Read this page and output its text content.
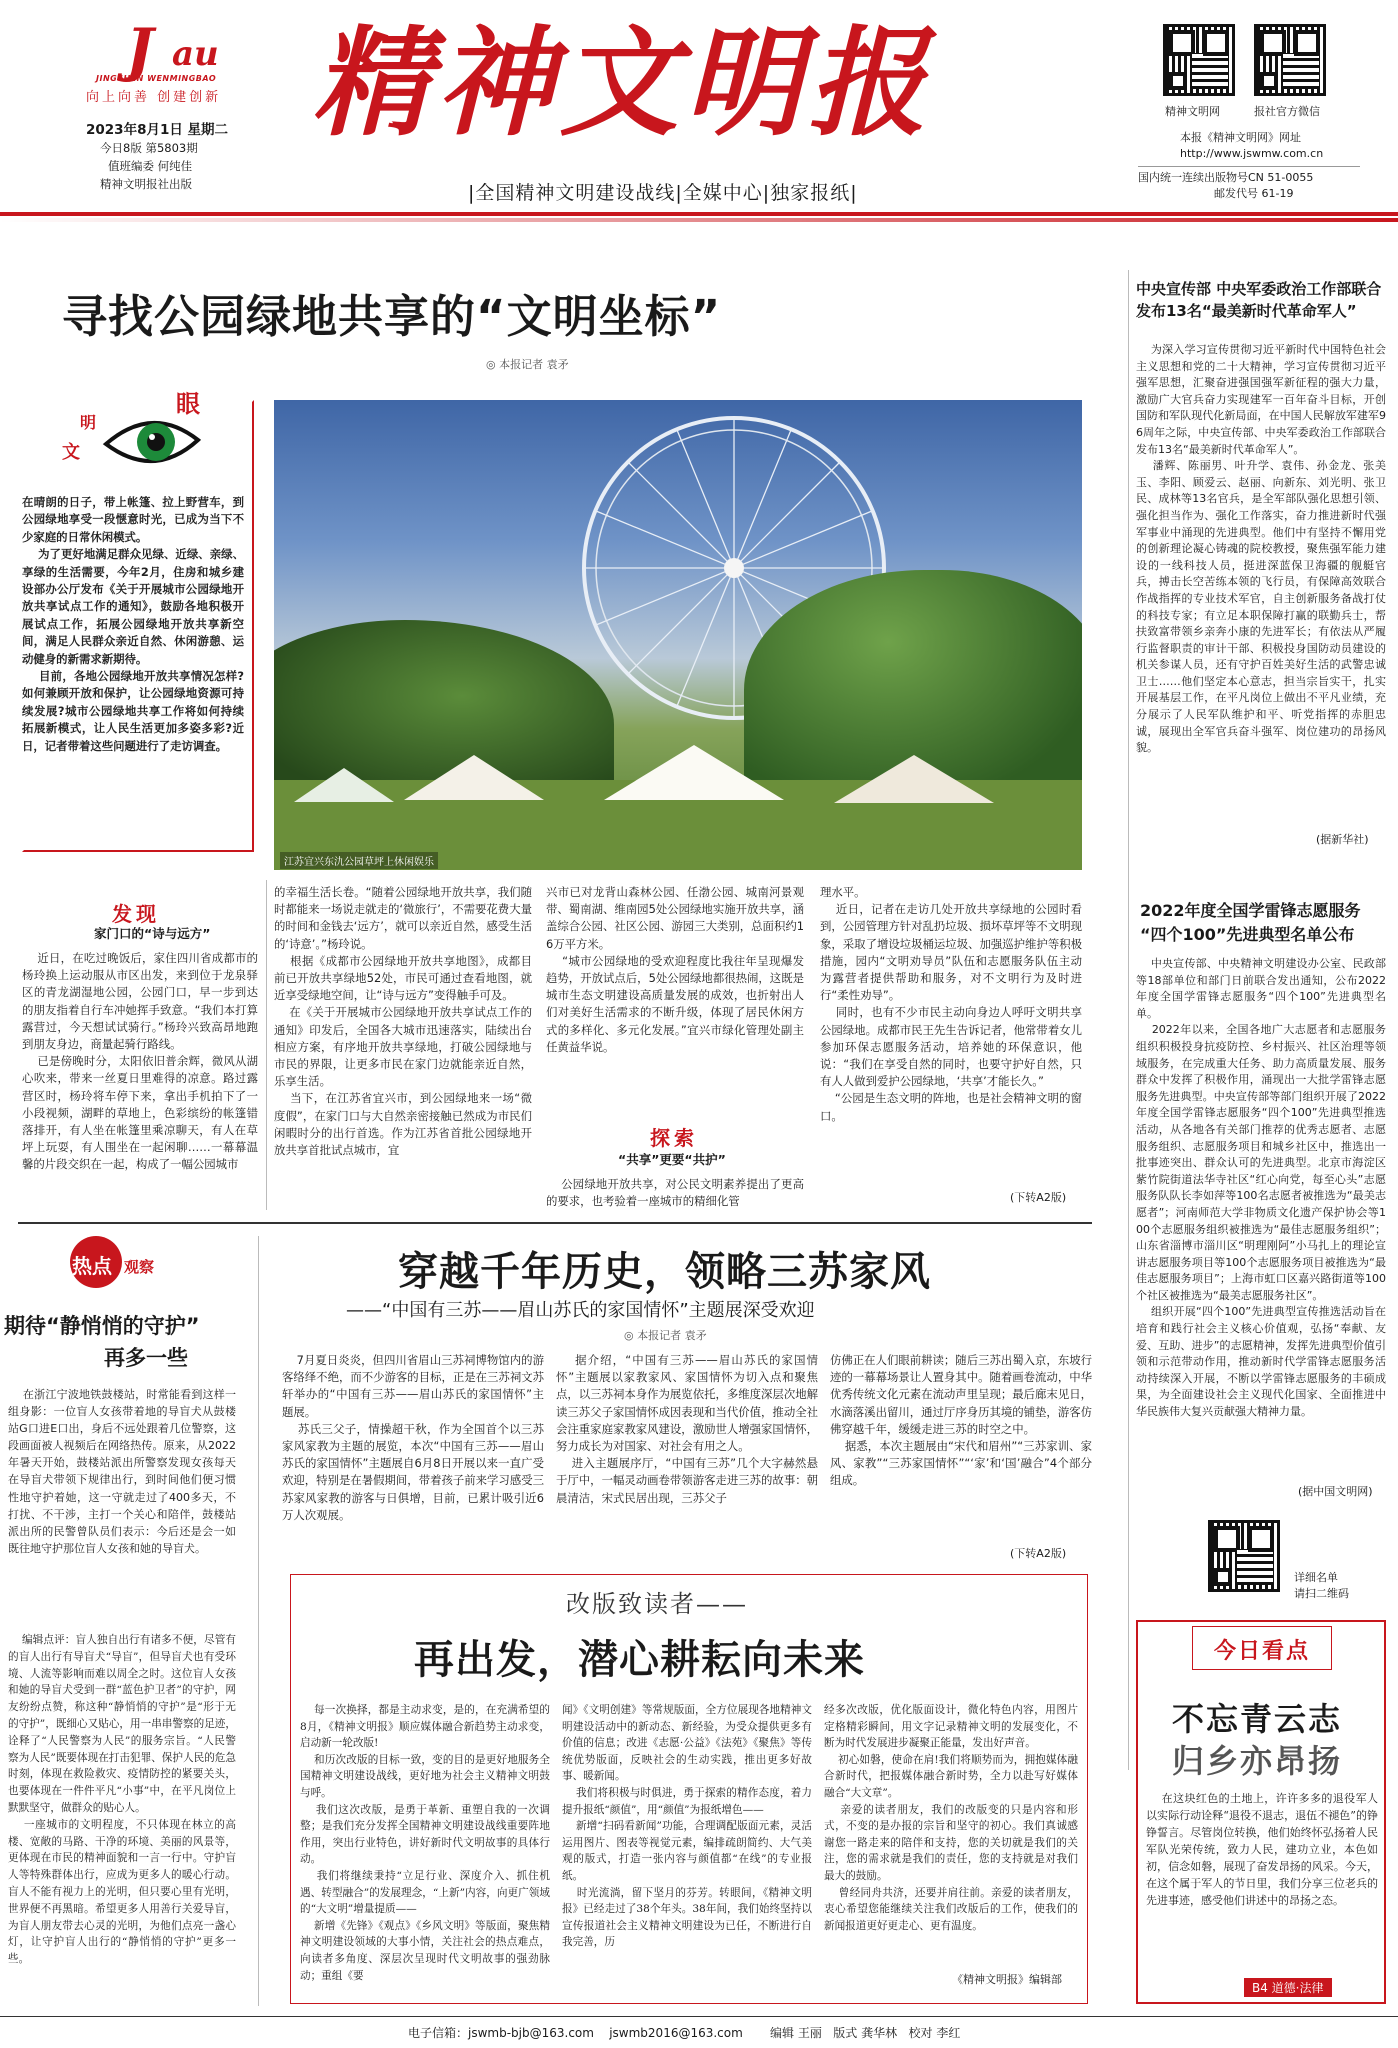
J au
JINGSHEN WENMINGBAO
向上向善 创建创新
2023年8月1日 星期二
今日8版 第5803期
值班编委 何纯佳
精神文明报社出版
精神文明报
|全国精神文明建设战线|全媒中心|独家报纸|
精神文明网	报社官方微信
本报《精神文明网》网址
http://www.jswmw.com.cn
国内统一连续出版物号CN 51-0055
邮发代号 61-19
寻找公园绿地共享的“文明坐标”
◎ 本报记者 袁矛
文
明
眼
在晴朗的日子，带上帐篷、拉上野营车，到公园绿地享受一段惬意时光，已成为当下不少家庭的日常休闲模式。
为了更好地满足群众见绿、近绿、亲绿、享绿的生活需要，今年2月，住房和城乡建设部办公厅发布《关于开展城市公园绿地开放共享试点工作的通知》，鼓励各地积极开展试点工作，拓展公园绿地开放共享新空间，满足人民群众亲近自然、休闲游憩、运动健身的新需求新期待。
目前，各地公园绿地开放共享情况怎样?如何兼顾开放和保护，让公园绿地资源可持续发展?城市公园绿地共享工作将如何持续拓展新模式，让人民生活更加多姿多彩?近日，记者带着这些问题进行了走访调查。
江苏宜兴东氿公园草坪上休闲娱乐
发现
家门口的“诗与远方”
近日，在吃过晚饭后，家住四川省成都市的杨玲换上运动服从市区出发，来到位于龙泉驿区的青龙湖湿地公园，公园门口，早一步到达的朋友指着自行车冲她挥手致意。“我们本打算露营过，今天想试试骑行。”杨玲兴致高昂地跑到朋友身边，商量起骑行路线。
已是傍晚时分，太阳依旧普余辉，微风从湖心吹来，带来一丝夏日里难得的凉意。路过露营区时，杨玲将车停下来，拿出手机拍下了一小段视频，湖畔的草地上，色彩缤纷的帐篷错落排开，有人坐在帐篷里乘凉聊天，有人在草坪上玩耍，有人围坐在一起闲聊……一幕幕温馨的片段交织在一起，构成了一幅公园城市
的幸福生活长卷。“随着公园绿地开放共享，我们随时都能来一场说走就走的‘微旅行’，不需要花费大量的时间和金钱去‘远方’，就可以亲近自然，感受生活的‘诗意’。”杨玲说。
根据《成都市公园绿地开放共享地图》，成都目前已开放共享绿地52处，市民可通过查看地图，就近享受绿地空间，让“诗与远方”变得触手可及。
在《关于开展城市公园绿地开放共享试点工作的通知》印发后，全国各大城市迅速落实，陆续出台相应方案，有序地开放共享绿地，打破公园绿地与市民的界限，让更多市民在家门边就能亲近自然，乐享生活。
当下，在江苏省宜兴市，到公园绿地来一场“微度假”，在家门口与大自然亲密接触已然成为市民们闲暇时分的出行首选。作为江苏省首批公园绿地开放共享首批试点城市，宜
兴市已对龙背山森林公园、任渤公园、城南河景观带、蜀南湖、维南园5处公园绿地实施开放共享，涵盖综合公园、社区公园、游园三大类别，总面积约16万平方米。
“城市公园绿地的受欢迎程度比我往年呈现爆发趋势，开放试点后，5处公园绿地都很热闹，这既是城市生态文明建设高质量发展的成效，也折射出人们对美好生活需求的不断升级，体现了居民休闲方式的多样化、多元化发展。”宜兴市绿化管理处副主任黄益华说。
探索
“共享”更要“共护”
公园绿地开放共享，对公民文明素养提出了更高的要求，也考验着一座城市的精细化管
理水平。
近日，记者在走访几处开放共享绿地的公园时看到，公园管理方针对乱扔垃圾、损坏草坪等不文明现象，采取了增设垃圾桶运垃圾、加强巡护维护等积极措施，园内“文明劝导员”队伍和志愿服务队伍主动为露营者提供帮助和服务，对不文明行为及时进行“柔性劝导”。
同时，也有不少市民主动向身边人呼吁文明共享公园绿地。成都市民王先生告诉记者，他常带着女儿参加环保志愿服务活动，培养她的环保意识，他说：“我们在享受自然的同时，也要守护好自然，只有人人做到爱护公园绿地，‘共享’才能长久。”
“公园是生态文明的阵地，也是社会精神文明的窗口。
(下转A2版)
中央宣传部 中央军委政治工作部联合发布13名“最美新时代革命军人”
为深入学习宣传贯彻习近平新时代中国特色社会主义思想和党的二十大精神，学习宣传贯彻习近平强军思想，汇聚奋进强国强军新征程的强大力量，激励广大官兵奋力实现建军一百年奋斗目标，开创国防和军队现代化新局面，在中国人民解放军建军96周年之际，中央宣传部、中央军委政治工作部联合发布13名“最美新时代革命军人”。
潘辉、陈丽男、叶升学、袁伟、孙金龙、张美玉、李阳、顾爱云、赵丽、向新东、刘光明、张卫民、成林等13名官兵，是全军部队强化思想引领、强化担当作为、强化工作落实，奋力推进新时代强军事业中涌现的先进典型。他们中有坚持不懈用党的创新理论凝心铸魂的院校教授，聚焦强军能力建设的一线科技人员，挺进深蓝保卫海疆的舰艇官兵，搏击长空苦练本领的飞行员，有保障高效联合作战指挥的专业技术军官，自主创新服务备战打仗的科技专家；有立足本职保障打赢的联勤兵士，帮扶致富带领乡亲奔小康的先进军长；有依法从严履行监督职责的审计干部、积极投身国防动员建设的机关参谋人员，还有守护百姓美好生活的武警忠诚卫士……他们坚定本心意志，担当宗旨实干，扎实开展基层工作，在平凡岗位上做出不平凡业绩，充分展示了人民军队维护和平、听党指挥的赤胆忠诚，展现出全军官兵奋斗强军、岗位建功的昂扬风貌。
(据新华社)
2022年度全国学雷锋志愿服务
“四个100”先进典型名单公布
中央宣传部、中央精神文明建设办公室、民政部等18部单位和部门日前联合发出通知，公布2022年度全国学雷锋志愿服务“四个100”先进典型名单。
2022年以来，全国各地广大志愿者和志愿服务组织积极投身抗疫防控、乡村振兴、社区治理等领域服务，在完成重大任务、助力高质量发展、服务群众中发挥了积极作用，涌现出一大批学雷锋志愿服务先进典型。中央宣传部等部门组织开展了2022年度全国学雷锋志愿服务“四个100”先进典型推选活动，从各地各有关部门推荐的优秀志愿者、志愿服务组织、志愿服务项目和城乡社区中，推选出一批事迹突出、群众认可的先进典型。北京市海淀区紫竹院街道法华寺社区“红心向党，每至心头”志愿服务队队长李如萍等100名志愿者被推选为“最美志愿者”；河南师范大学非物质文化遗产保护协会等100个志愿服务组织被推选为“最佳志愿服务组织”；山东省淄博市淄川区“明理刚阿”小马扎上的理论宣讲志愿服务项目等100个志愿服务项目被推选为“最佳志愿服务项目”；上海市虹口区嘉兴路街道等100个社区被推选为“最美志愿服务社区”。
组织开展“四个100”先进典型宣传推选活动旨在培育和践行社会主义核心价值观，弘扬“奉献、友爱、互助、进步”的志愿精神，发挥先进典型价值引领和示范带动作用，推动新时代学雷锋志愿服务活动持续深入开展，不断以学雷锋志愿服务的丰硕成果，为全面建设社会主义现代化国家、全面推进中华民族伟大复兴贡献强大精神力量。
(据中国文明网)
详细名单
请扫二维码
今日看点
不忘青云志
归乡亦昂扬
在这块红色的土地上，许许多多的退役军人以实际行动诠释“退役不退志，退伍不褪色”的铮铮誓言。尽管岗位转换，他们始终怀弘扬着人民军队光荣传统，致力人民，建功立业，本色如初，信念如磐，展现了奋发昂扬的风采。今天，在这个属于军人的节日里，我们分享三位老兵的先进事迹，感受他们讲述中的昂扬之态。
B4 道德·法律
热点 观察
期待“静悄悄的守护”
再多一些
在浙江宁波地铁鼓楼站，时常能看到这样一组身影：一位盲人女孩带着地的导盲犬从鼓楼站G口进E口出，身后不远处跟着几位警察，这段画面被人视频后在网络热传。原来，从2022年暑天开始，鼓楼站派出所警察发现女孩每天在导盲犬带领下规律出行，到时间他们便习惯性地守护着她，这一守就走过了400多天，不打扰、不干涉，主打一个关心和陪伴，鼓楼站派出所的民警曾队员们表示：今后还是会一如既往地守护那位盲人女孩和她的导盲犬。
编辑点评：盲人独自出行有诸多不便，尽管有的盲人出行有导盲犬“导盲”，但导盲犬也有受环境、人流等影响而难以周全之时。这位盲人女孩和她的导盲犬受到一群“蓝色护卫者”的守护，网友纷纷点赞，称这种“静悄悄的守护”是“形于无的守护”，既细心又贴心，用一串串警察的足迹，诠释了“人民警察为人民”的服务宗旨。“人民警察为人民”既要体现在打击犯罪、保护人民的危急时刻，体现在救险救灾、疫情防控的紧要关头，也要体现在一件件平凡“小事”中，在平凡岗位上默默坚守，做群众的贴心人。
一座城市的文明程度，不只体现在林立的高楼、宽敞的马路、干净的环境、美丽的风景等，更体现在市民的精神面貌和一言一行中。守护盲人等特殊群体出行，应成为更多人的暖心行动。盲人不能有视力上的光明，但只要心里有光明，世界便不再黑暗。希望更多人用善行关爱导盲，为盲人朋友带去心灵的光明，为他们点亮一盏心灯，让守护盲人出行的“静悄悄的守护”更多一些。
穿越千年历史，领略三苏家风
——“中国有三苏——眉山苏氏的家国情怀”主题展深受欢迎
◎ 本报记者 袁矛
7月夏日炎炎，但四川省眉山三苏祠博物馆内的游客络绎不绝，而不少游客的目标，正是在三苏祠文苏轩举办的“中国有三苏——眉山苏氏的家国情怀”主题展。
苏氏三父子，情操超干秋，作为全国首个以三苏家风家教为主题的展览，本次“中国有三苏——眉山苏氏的家国情怀”主题展自6月8日开展以来一直广受欢迎，特别是在暑假期间，带着孩子前来学习感受三苏家风家教的游客与日俱增，目前，已累计吸引近6万人次观展。
据介绍，“中国有三苏——眉山苏氏的家国情怀”主题展以家教家风、家国情怀为切入点和聚焦点，以三苏祠本身作为展览依托，多维度深层次地解读三苏父子家国情怀成因表现和当代价值，推动全社会注重家庭家教家风建设，激励世人增强家国情怀，努力成长为对国家、对社会有用之人。
进入主题展序厅，“中国有三苏”几个大字赫然悬于厅中，一幅灵动画卷带领游客走进三苏的故事：朝晨清洁，宋式民居出现，三苏父子
仿佛正在人们眼前耕读；随后三苏出蜀入京，东坡行迹的一幕幕场景让人置身其中。随着画卷流动，中华优秀传统文化元素在流动声里呈现；最后廊末见日，水滴落溪出留川，通过厅序身历其境的铺垫，游客仿佛穿越千年，缓缓走进三苏的时空之中。
据悉，本次主题展由“宋代和眉州”“三苏家训、家风、家教”“三苏家国情怀”“‘家’和‘国’融合”4个部分组成。
(下转A2版)
改版致读者——
再出发，潜心耕耘向未来
每一次换择，都是主动求变，是的，在充满希望的8月，《精神文明报》顺应媒体融合新趋势主动求变，启动新一轮改版!
和历次改版的目标一致，变的目的是更好地服务全国精神文明建设战线，更好地为社会主义精神文明鼓与呼。
我们这次改版，是勇于革新、重塑自我的一次调整；是我们充分发挥全国精神文明建设战线重要阵地作用，突出行业特色，讲好新时代文明故事的具体行动。
我们将继续秉持“立足行业、深度介入、抓住机遇、转型融合”的发展理念，“上新”内容，向更广领域的“大文明”增量提质——
新增《先锋》《观点》《乡风文明》等版面，聚焦精神文明建设领域的大事小情，关注社会的热点难点，向读者多角度、深层次呈现时代文明故事的强劲脉动；重组《要
闻》《文明创建》等常规版面，全方位展现各地精神文明建设活动中的新动态、新经验，为受众提供更多有价值的信息；改进《志愿·公益》《法苑》《聚焦》等传统优势版面，反映社会的生动实践，推出更多好故事、暖新闻。
我们将积极与时俱进，勇于探索的精作态度，着力提升报纸“颜值”，用“颜值”为报纸增色——
新增“扫码看新闻”功能，合理调配版面元素，灵活运用图片、图表等视觉元素，编排疏朗简约、大气美观的版式，打造一张内容与颜值都“在线”的专业报纸。
时光流淌，留下坚月的芬芳。转眼间，《精神文明报》已经走过了38个年头。38年间，我们始终坚持以宣传报道社会主义精神文明建设为已任，不断进行自我完善，历
经多次改版，优化版面设计，微化特色内容，用图片定格精彩瞬间，用文字记录精神文明的发展变化，不断为时代发展进步凝聚正能量，发出好声音。
初心如磐，使命在肩!我们将顺势而为，拥抱媒体融合新时代，把报媒体融合新时势，全力以赴写好媒体融合“大文章”。
亲爱的读者朋友，我们的改版变的只是内容和形式，不变的是办报的宗旨和坚守的初心。我们真诚感谢您一路走来的陪伴和支持，您的关切就是我们的关注，您的需求就是我们的责任，您的支持就是对我们最大的鼓励。
曾经同舟共济，还要并肩往前。亲爱的读者朋友，衷心希望您能继续关注我们改版后的工作，使我们的新闻报道更好更走心、更有温度。
《精神文明报》编辑部
电子信箱：jswmb-bjb@163.com    jswmb2016@163.com 编辑 王丽   版式 龚华林   校对 李红
